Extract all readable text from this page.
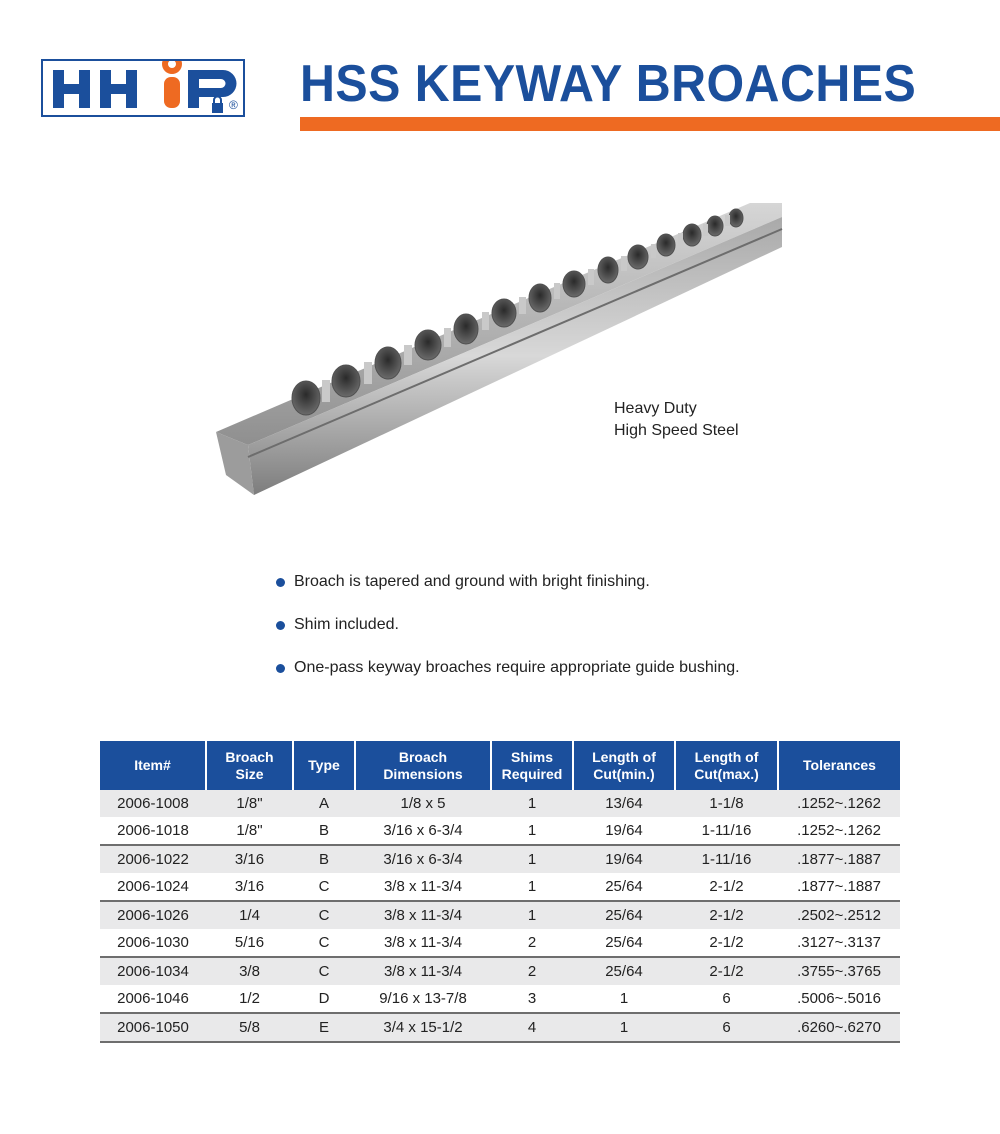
® HSS KEYWAY BROACHES
Heavy Duty
High Speed Steel
Broach is tapered and ground with bright finishing.
Shim included.
One-pass keyway broaches require appropriate guide bushing.
Item#	Broach Size	Type	Broach Dimensions	Shims Required	Length of Cut(min.)	Length of Cut(max.)	Tolerances
2006-1008	1/8"	A	1/8 x 5	1	13/64	1-1/8	.1252~.1262
2006-1018	1/8"	B	3/16 x 6-3/4	1	19/64	1-11/16	.1252~.1262
2006-1022	3/16	B	3/16 x 6-3/4	1	19/64	1-11/16	.1877~.1887
2006-1024	3/16	C	3/8 x 11-3/4	1	25/64	2-1/2	.1877~.1887
2006-1026	1/4	C	3/8 x 11-3/4	1	25/64	2-1/2	.2502~.2512
2006-1030	5/16	C	3/8 x 11-3/4	2	25/64	2-1/2	.3127~.3137
2006-1034	3/8	C	3/8 x 11-3/4	2	25/64	2-1/2	.3755~.3765
2006-1046	1/2	D	9/16 x 13-7/8	3	1	6	.5006~.5016
2006-1050	5/8	E	3/4 x 15-1/2	4	1	6	.6260~.6270
